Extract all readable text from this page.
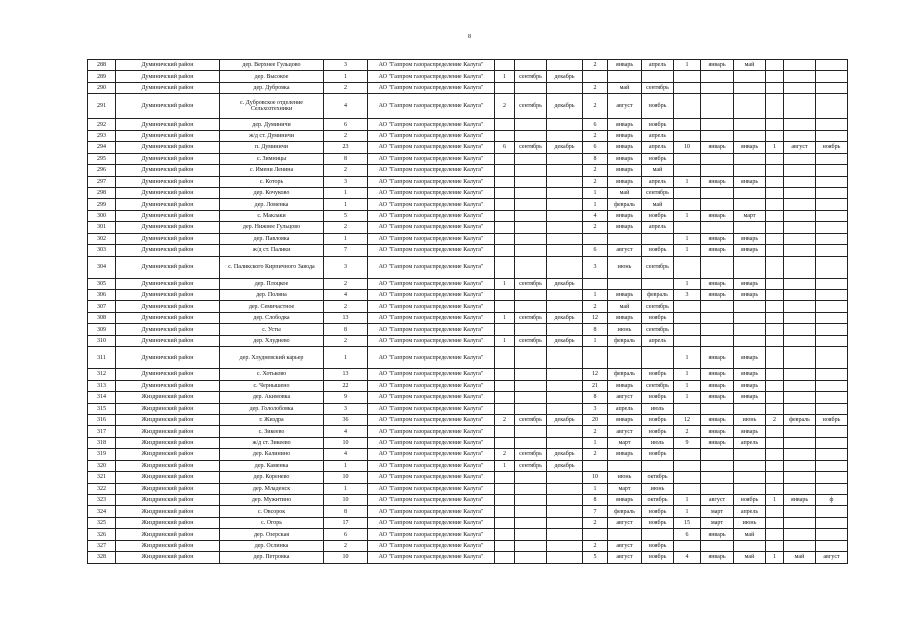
8
288	Думиничский район	дер. Верхнее Гульцово	3	АО "Газпром газораспределение Калуга"				2	январь	апрель	1	январь	май			
289	Думиничский район	дер. Высокое	1	АО "Газпром газораспределение Калуга"	1	сентябрь	декабрь									
290	Думиничский район	дер. Дубровка	2	АО "Газпром газораспределение Калуга"				2	май	сентябрь						
291	Думиничский район	с. Дубровское отделение Сельхозтехники	4	АО "Газпром газораспределение Калуга"	2	сентябрь	декабрь	2	август	ноябрь						
292	Думиничский район	дер. Думиничи	6	АО "Газпром газораспределение Калуга"				6	январь	ноябрь						
293	Думиничский район	ж/д ст. Думиничи	2	АО "Газпром газораспределение Калуга"				2	январь	апрель						
294	Думиничский район	п. Думиничи	23	АО "Газпром газораспределение Калуга"	6	сентябрь	декабрь	6	январь	апрель	10	январь	январь	1	август	ноябрь
295	Думиничский район	с. Зимницы	8	АО "Газпром газораспределение Калуга"				8	январь	ноябрь						
296	Думиничский район	с. Имени Ленина	2	АО "Газпром газораспределение Калуга"				2	январь	май						
297	Думиничский район	с. Которь	3	АО "Газпром газораспределение Калуга"				2	январь	апрель	1	январь	январь			
298	Думиничский район	дер. Кочуково	1	АО "Газпром газораспределение Калуга"				1	май	сентябрь						
299	Думиничский район	дер. Ломенка	1	АО "Газпром газораспределение Калуга"				1	февраль	май						
300	Думиничский район	с. Маклаки	5	АО "Газпром газораспределение Калуга"				4	январь	ноябрь	1	январь	март			
301	Думиничский район	дер. Нижнее Гульцово	2	АО "Газпром газораспределение Калуга"				2	январь	апрель						
302	Думиничский район	дер. Павловка	1	АО "Газпром газораспределение Калуга"							1	январь	январь			
303	Думиничский район	ж/д ст. Палики	7	АО "Газпром газораспределение Калуга"				6	август	ноябрь	1	январь	январь			
304	Думиничский район	с. Паликского Кирпичного Завода	3	АО "Газпром газораспределение Калуга"				3	июнь	сентябрь						
305	Думиничский район	дер. Плоцкое	2	АО "Газпром газораспределение Калуга"	1	сентябрь	декабрь				1	январь	январь			
306	Думиничский район	дер. Поляна	4	АО "Газпром газораспределение Калуга"				1	январь	февраль	3	январь	январь			
307	Думиничский район	дер. Семичастное	2	АО "Газпром газораспределение Калуга"				2	май	сентябрь						
308	Думиничский район	дер. Слободка	13	АО "Газпром газораспределение Калуга"	1	сентябрь	декабрь	12	январь	ноябрь						
309	Думиничский район	с. Усты	8	АО "Газпром газораспределение Калуга"				8	июнь	сентябрь						
310	Думиничский район	дер. Хлуднево	2	АО "Газпром газораспределение Калуга"	1	сентябрь	декабрь	1	февраль	апрель						
311	Думиничский район	дер. Хлудневский карьер	1	АО "Газпром газораспределение Калуга"							1	январь	январь			
312	Думиничский район	с. Хотьково	13	АО "Газпром газораспределение Калуга"				12	февраль	ноябрь	1	январь	январь			
313	Думиничский район	с. Чернышено	22	АО "Газпром газораспределение Калуга"				21	январь	сентябрь	1	январь	январь			
314	Жиздринский район	дер. Акимовка	9	АО "Газпром газораспределение Калуга"				8	август	ноябрь	1	январь	январь			
315	Жиздринский район	дер. Гололобовка	3	АО "Газпром газораспределение Калуга"				3	апрель	июль						
316	Жиздринский район	г. Жиздра	36	АО "Газпром газораспределение Калуга"	2	сентябрь	декабрь	20	январь	ноябрь	12	январь	июнь	2	февраль	ноябрь
317	Жиздринский район	с. Зикеево	4	АО "Газпром газораспределение Калуга"				2	август	ноябрь	2	январь	январь			
318	Жиздринский район	ж/д ст. Зикеево	10	АО "Газпром газораспределение Калуга"				1	март	июль	9	январь	апрель			
319	Жиздринский район	дер. Калинино	4	АО "Газпром газораспределение Калуга"	2	сентябрь	декабрь	2	январь	ноябрь						
320	Жиздринский район	дер. Каменка	1	АО "Газпром газораспределение Калуга"	1	сентябрь	декабрь									
321	Жиздринский район	дер. Коренево	10	АО "Газпром газораспределение Калуга"				10	июнь	октябрь						
322	Жиздринский район	дер. Младенск	1	АО "Газпром газораспределение Калуга"				1	март	июнь						
323	Жиздринский район	дер. Мужитино	10	АО "Газпром газораспределение Калуга"				8	январь	октябрь	1	август	ноябрь	1	январь	ф
324	Жиздринский район	с. Овсорок	8	АО "Газпром газораспределение Калуга"				7	февраль	ноябрь	1	март	апрель			
325	Жиздринский район	с. Огорь	17	АО "Газпром газораспределение Калуга"				2	август	ноябрь	15	март	июнь			
326	Жиздринский район	дер. Озерская	6	АО "Газпром газораспределение Калуга"							6	январь	май			
327	Жиздринский район	дер. Ослинка	2	АО "Газпром газораспределение Калуга"				2	август	ноябрь						
328	Жиздринский район	дер. Петровка	10	АО "Газпром газораспределение Калуга"				5	август	ноябрь	4	январь	май	1	май	август
